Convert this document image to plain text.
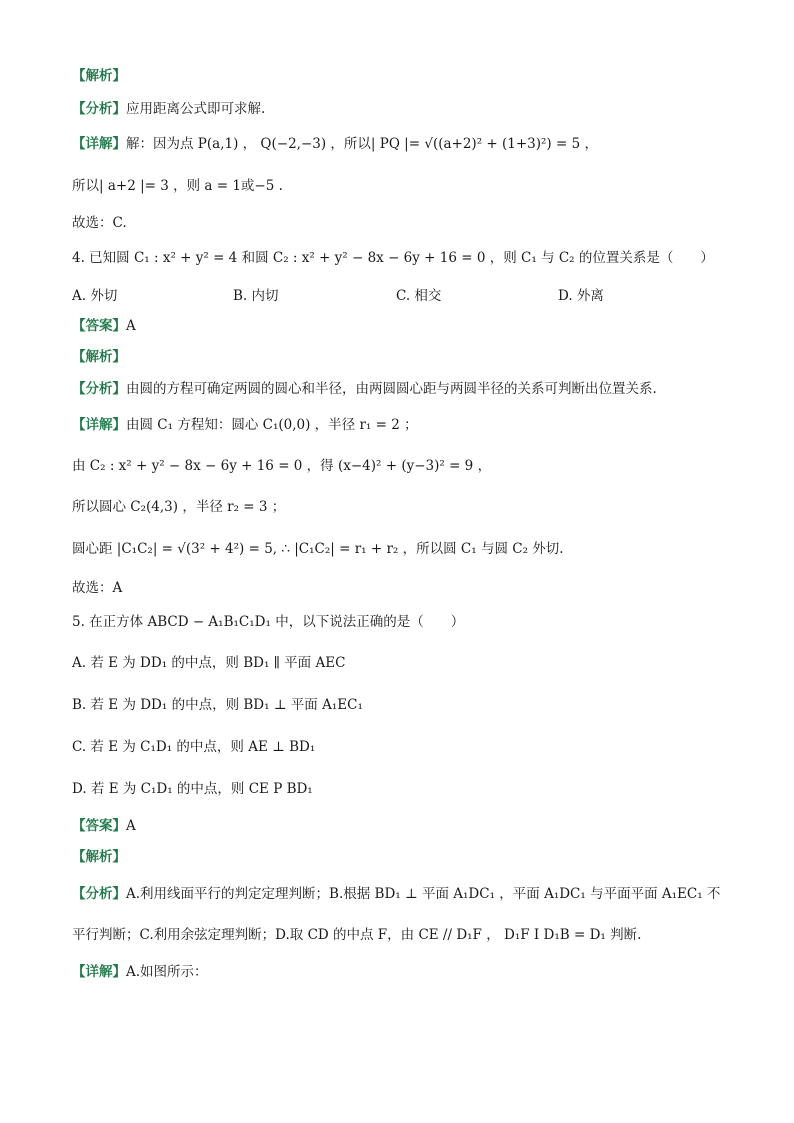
【解析】
【分析】应用距离公式即可求解.
【详解】解：因为点 P(a,1) ， Q(−2,−3) ，所以| PQ |= √((a+2)² + (1+3)²) = 5 ，
所以| a+2 |= 3 ，则 a = 1或−5 .
故选：C.
4. 已知圆 C₁ : x² + y² = 4 和圆 C₂ : x² + y² − 8x − 6y + 16 = 0 ，则 C₁ 与 C₂ 的位置关系是（　　）
A. 外切	B. 内切	C. 相交	D. 外离
【答案】A
【解析】
【分析】由圆的方程可确定两圆的圆心和半径，由两圆圆心距与两圆半径的关系可判断出位置关系.
【详解】由圆 C₁ 方程知：圆心 C₁(0,0) ，半径 r₁ = 2 ；
由 C₂ : x² + y² − 8x − 6y + 16 = 0 ，得 (x−4)² + (y−3)² = 9 ，
所以圆心 C₂(4,3) ，半径 r₂ = 3 ；
圆心距 |C₁C₂| = √(3² + 4²) = 5, ∴ |C₁C₂| = r₁ + r₂ ，所以圆 C₁ 与圆 C₂ 外切.
故选：A
5. 在正方体 ABCD − A₁B₁C₁D₁ 中，以下说法正确的是（　　）
A. 若 E 为 DD₁ 的中点，则 BD₁ ∥ 平面 AEC
B. 若 E 为 DD₁ 的中点，则 BD₁ ⊥ 平面 A₁EC₁
C. 若 E 为 C₁D₁ 的中点，则 AE ⊥ BD₁
D. 若 E 为 C₁D₁ 的中点，则 CE P BD₁
【答案】A
【解析】
【分析】A.利用线面平行的判定定理判断；B.根据 BD₁ ⊥ 平面 A₁DC₁ ，平面 A₁DC₁ 与平面平面 A₁EC₁ 不
平行判断；C.利用余弦定理判断；D.取 CD 的中点 F，由 CE // D₁F ， D₁F I D₁B = D₁ 判断.
【详解】A.如图所示：
